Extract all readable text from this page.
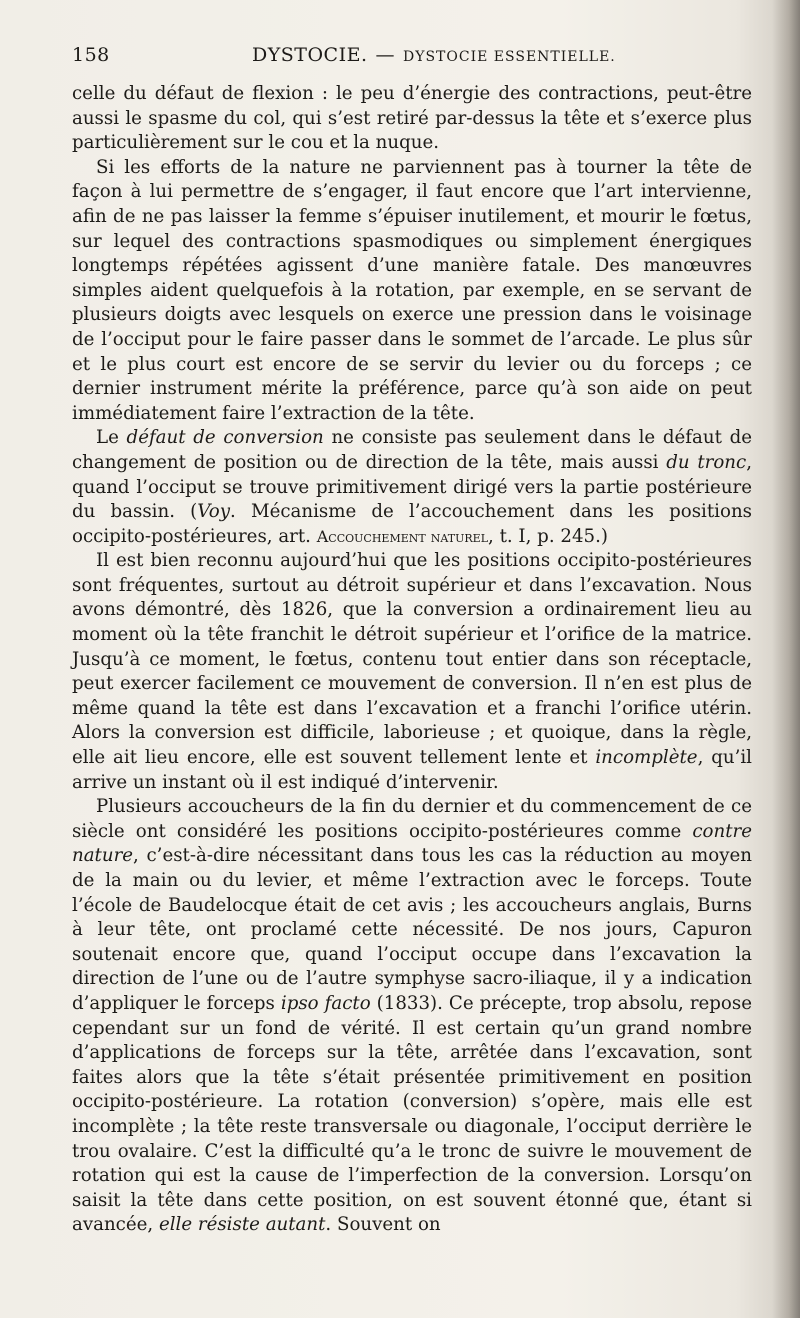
158	DYSTOCIE. — DYSTOCIE ESSENTIELLE.

celle du défaut de flexion : le peu d’énergie des contractions, peut-être aussi le spasme du col, qui s’est retiré par-dessus la tête et s’exerce plus particulièrement sur le cou et la nuque.

Si les efforts de la nature ne parviennent pas à tourner la tête de façon à lui permettre de s’engager, il faut encore que l’art intervienne, afin de ne pas laisser la femme s’épuiser inutilement, et mourir le fœtus, sur lequel des contractions spasmodiques ou simplement énergiques longtemps répétées agissent d’une manière fatale. Des manœuvres simples aident quelquefois à la rotation, par exemple, en se servant de plusieurs doigts avec lesquels on exerce une pression dans le voisinage de l’occiput pour le faire passer dans le sommet de l’arcade. Le plus sûr et le plus court est encore de se servir du levier ou du forceps ; ce dernier instrument mérite la préférence, parce qu’à son aide on peut immédiatement faire l’extraction de la tête.

Le défaut de conversion ne consiste pas seulement dans le défaut de changement de position ou de direction de la tête, mais aussi du tronc, quand l’occiput se trouve primitivement dirigé vers la partie postérieure du bassin. (Voy. Mécanisme de l’accouchement dans les positions occipito-postérieures, art. Accouchement naturel, t. I, p. 245.)

Il est bien reconnu aujourd’hui que les positions occipito-postérieures sont fréquentes, surtout au détroit supérieur et dans l’excavation. Nous avons démontré, dès 1826, que la conversion a ordinairement lieu au moment où la tête franchit le détroit supérieur et l’orifice de la matrice. Jusqu’à ce moment, le fœtus, contenu tout entier dans son réceptacle, peut exercer facilement ce mouvement de conversion. Il n’en est plus de même quand la tête est dans l’excavation et a franchi l’orifice utérin. Alors la conversion est difficile, laborieuse ; et quoique, dans la règle, elle ait lieu encore, elle est souvent tellement lente et incomplète, qu’il arrive un instant où il est indiqué d’intervenir.

Plusieurs accoucheurs de la fin du dernier et du commencement de ce siècle ont considéré les positions occipito-postérieures comme contre nature, c’est-à-dire nécessitant dans tous les cas la réduction au moyen de la main ou du levier, et même l’extraction avec le forceps. Toute l’école de Baudelocque était de cet avis ; les accoucheurs anglais, Burns à leur tête, ont proclamé cette nécessité. De nos jours, Capuron soutenait encore que, quand l’occiput occupe dans l’excavation la direction de l’une ou de l’autre symphyse sacro-iliaque, il y a indication d’appliquer le forceps ipso facto (1833). Ce précepte, trop absolu, repose cependant sur un fond de vérité. Il est certain qu’un grand nombre d’applications de forceps sur la tête, arrêtée dans l’excavation, sont faites alors que la tête s’était présentée primitivement en position occipito-postérieure. La rotation (conversion) s’opère, mais elle est incomplète ; la tête reste transversale ou diagonale, l’occiput derrière le trou ovalaire. C’est la difficulté qu’a le tronc de suivre le mouvement de rotation qui est la cause de l’imperfection de la conversion. Lorsqu’on saisit la tête dans cette position, on est souvent étonné que, étant si avancée, elle résiste autant. Souvent on
